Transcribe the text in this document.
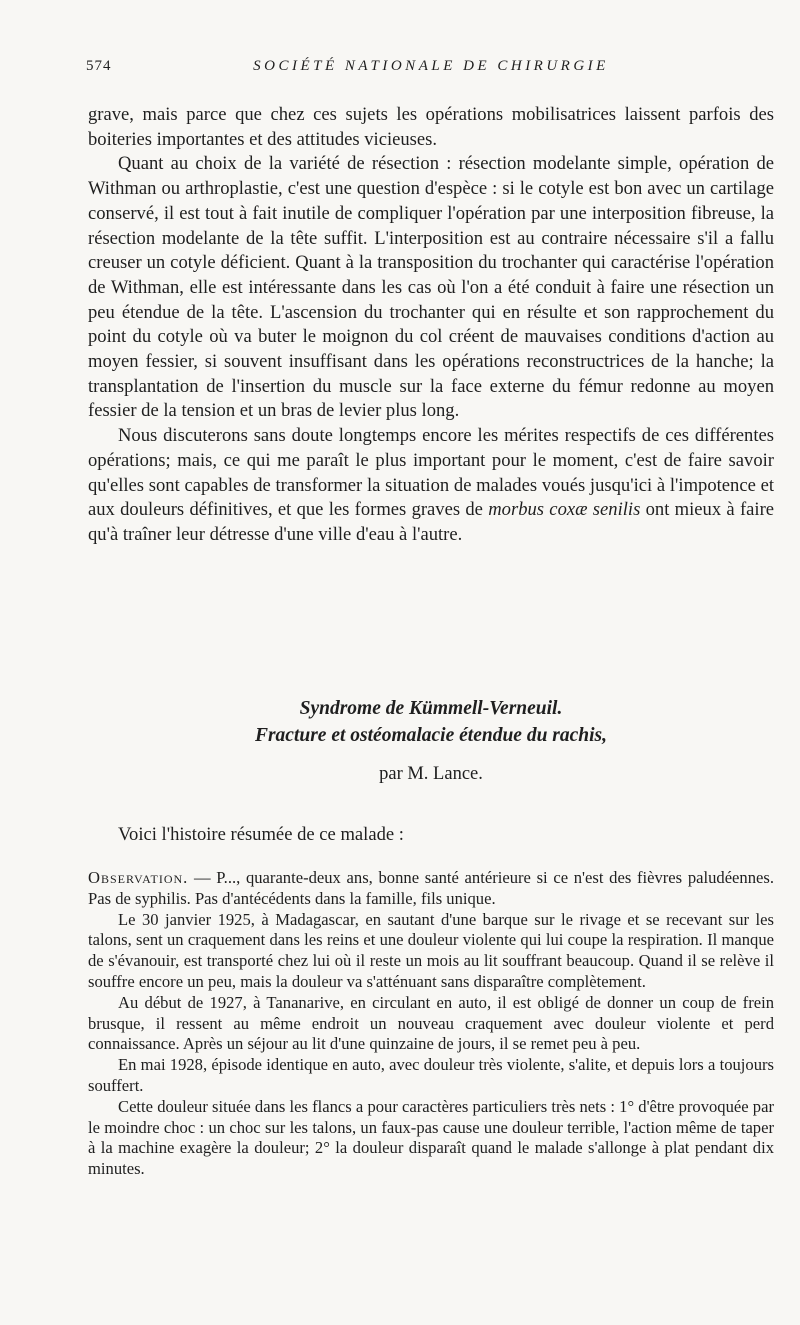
574	SOCIÉTÉ NATIONALE DE CHIRURGIE

grave, mais parce que chez ces sujets les opérations mobilisatrices laissent parfois des boiteries importantes et des attitudes vicieuses.

Quant au choix de la variété de résection : résection modelante simple, opération de Withman ou arthroplastie, c'est une question d'espèce : si le cotyle est bon avec un cartilage conservé, il est tout à fait inutile de compliquer l'opération par une interposition fibreuse, la résection modelante de la tête suffit. L'interposition est au contraire nécessaire s'il a fallu creuser un cotyle déficient. Quant à la transposition du trochanter qui caractérise l'opération de Withman, elle est intéressante dans les cas où l'on a été conduit à faire une résection un peu étendue de la tête. L'ascension du trochanter qui en résulte et son rapprochement du point du cotyle où va buter le moignon du col créent de mauvaises conditions d'action au moyen fessier, si souvent insuffisant dans les opérations reconstructrices de la hanche; la transplantation de l'insertion du muscle sur la face externe du fémur redonne au moyen fessier de la tension et un bras de levier plus long.

Nous discuterons sans doute longtemps encore les mérites respectifs de ces différentes opérations; mais, ce qui me paraît le plus important pour le moment, c'est de faire savoir qu'elles sont capables de transformer la situation de malades voués jusqu'ici à l'impotence et aux douleurs définitives, et que les formes graves de morbus coxæ senilis ont mieux à faire qu'à traîner leur détresse d'une ville d'eau à l'autre.

Syndrome de Kümmell-Verneuil.
Fracture et ostéomalacie étendue du rachis,
par M. Lance.
Voici l'histoire résumée de ce malade :

Observation. — P..., quarante-deux ans, bonne santé antérieure si ce n'est des fièvres paludéennes. Pas de syphilis. Pas d'antécédents dans la famille, fils unique.

Le 30 janvier 1925, à Madagascar, en sautant d'une barque sur le rivage et se recevant sur les talons, sent un craquement dans les reins et une douleur violente qui lui coupe la respiration. Il manque de s'évanouir, est transporté chez lui où il reste un mois au lit souffrant beaucoup. Quand il se relève il souffre encore un peu, mais la douleur va s'atténuant sans disparaître complètement.

Au début de 1927, à Tananarive, en circulant en auto, il est obligé de donner un coup de frein brusque, il ressent au même endroit un nouveau craquement avec douleur violente et perd connaissance. Après un séjour au lit d'une quinzaine de jours, il se remet peu à peu.

En mai 1928, épisode identique en auto, avec douleur très violente, s'alite, et depuis lors a toujours souffert.

Cette douleur située dans les flancs a pour caractères particuliers très nets : 1° d'être provoquée par le moindre choc : un choc sur les talons, un faux-pas cause une douleur terrible, l'action même de taper à la machine exagère la douleur; 2° la douleur disparaît quand le malade s'allonge à plat pendant dix minutes.
